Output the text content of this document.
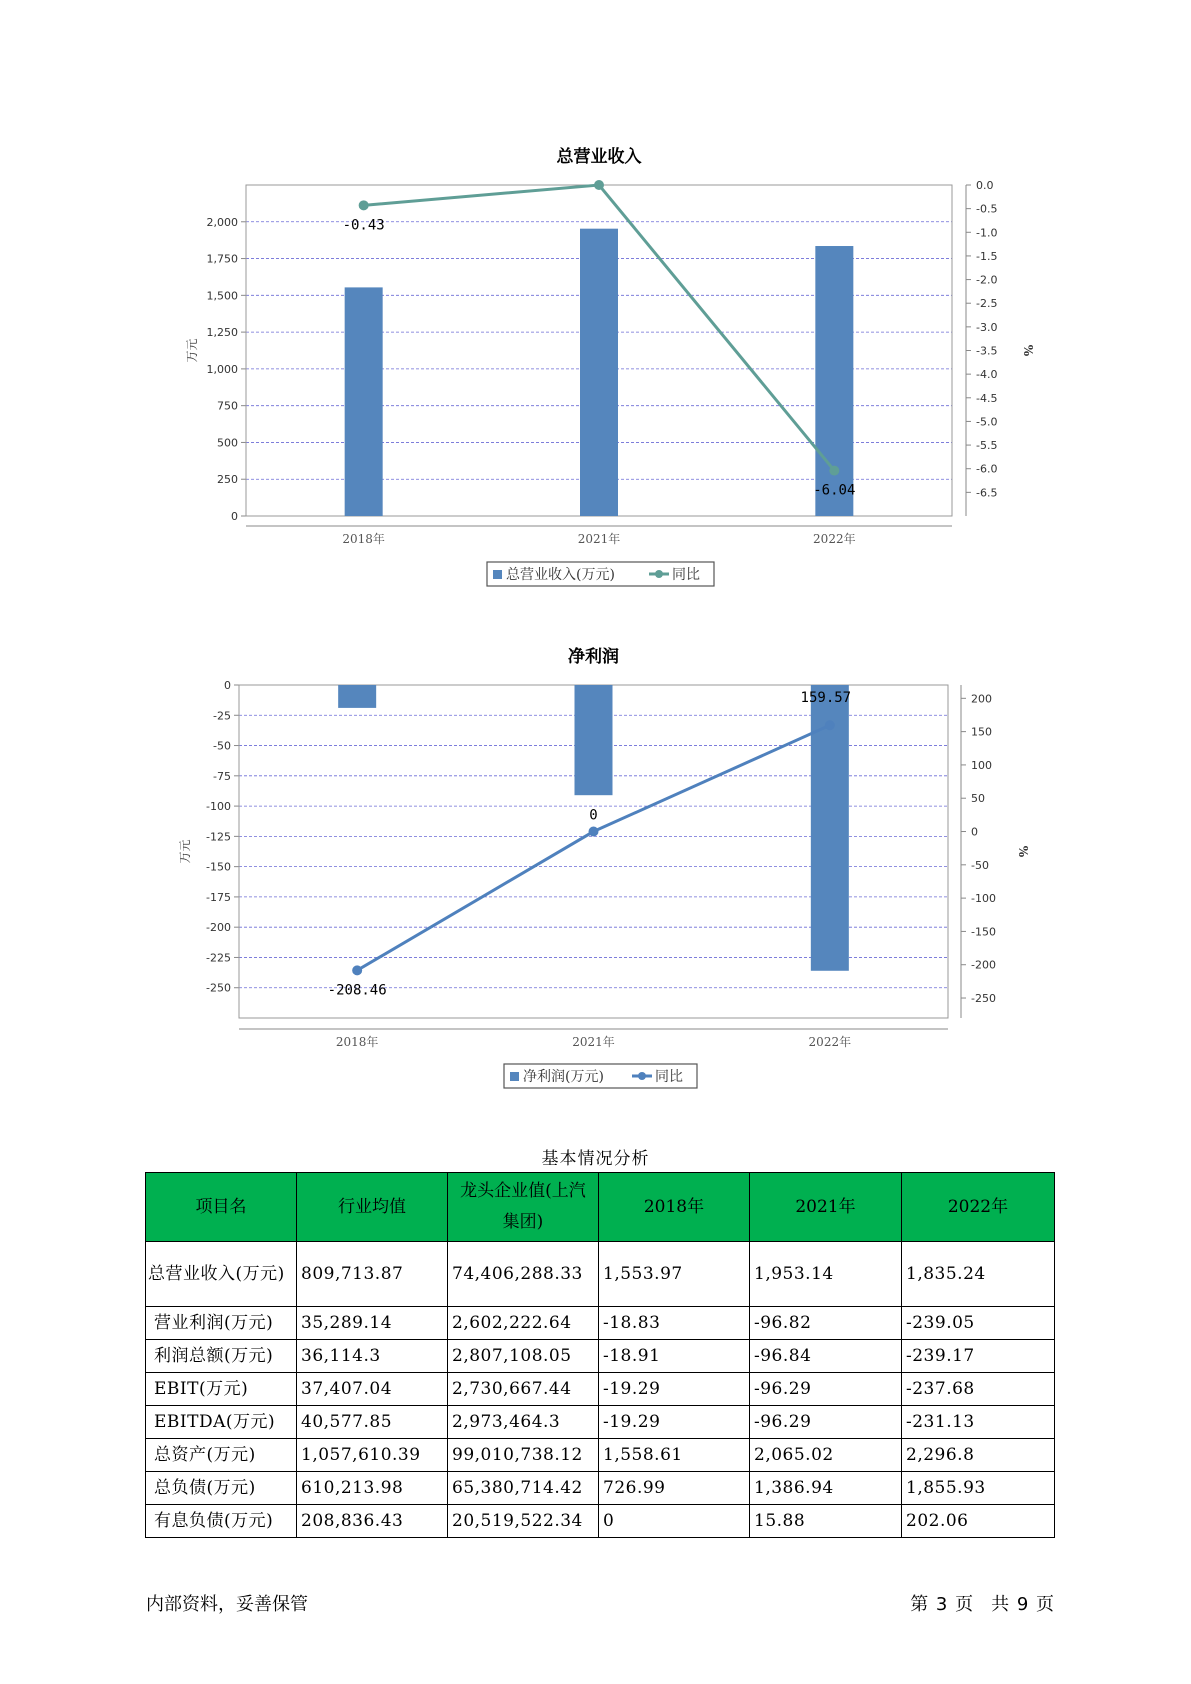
总营业收入
0
250
500
750
1,000
1,250
1,500
1,750
2,000
0.0
-0.5
-1.0
-1.5
-2.0
-2.5
-3.0
-3.5
-4.0
-4.5
-5.0
-5.5
-6.0
-6.5
2018年	2021年	2022年
万元	%
-0.43
-6.04
总营业收入(万元)	同比
净利润
0
-25
-50
-75
-100
-125
-150
-175
-200
-225
-250
200
150
100
50
0
-50
-100
-150
-200
-250
2018年	2021年	2022年
万元	%
-208.46
0
159.57
净利润(万元)	同比
基本情况分析
项目名	行业均值	龙头企业值(上汽集团)	2018年	2021年	2022年
总营业收入(万元)	809,713.87	74,406,288.33	1,553.97	1,953.14	1,835.24
营业利润(万元)	35,289.14	2,602,222.64	-18.83	-96.82	-239.05
利润总额(万元)	36,114.3	2,807,108.05	-18.91	-96.84	-239.17
EBIT(万元)	37,407.04	2,730,667.44	-19.29	-96.29	-237.68
EBITDA(万元)	40,577.85	2,973,464.3	-19.29	-96.29	-231.13
总资产(万元)	1,057,610.39	99,010,738.12	1,558.61	2,065.02	2,296.8
总负债(万元)	610,213.98	65,380,714.42	726.99	1,386.94	1,855.93
有息负债(万元)	208,836.43	20,519,522.34	0	15.88	202.06
内部资料，妥善保管	第 3 页　共 9 页
